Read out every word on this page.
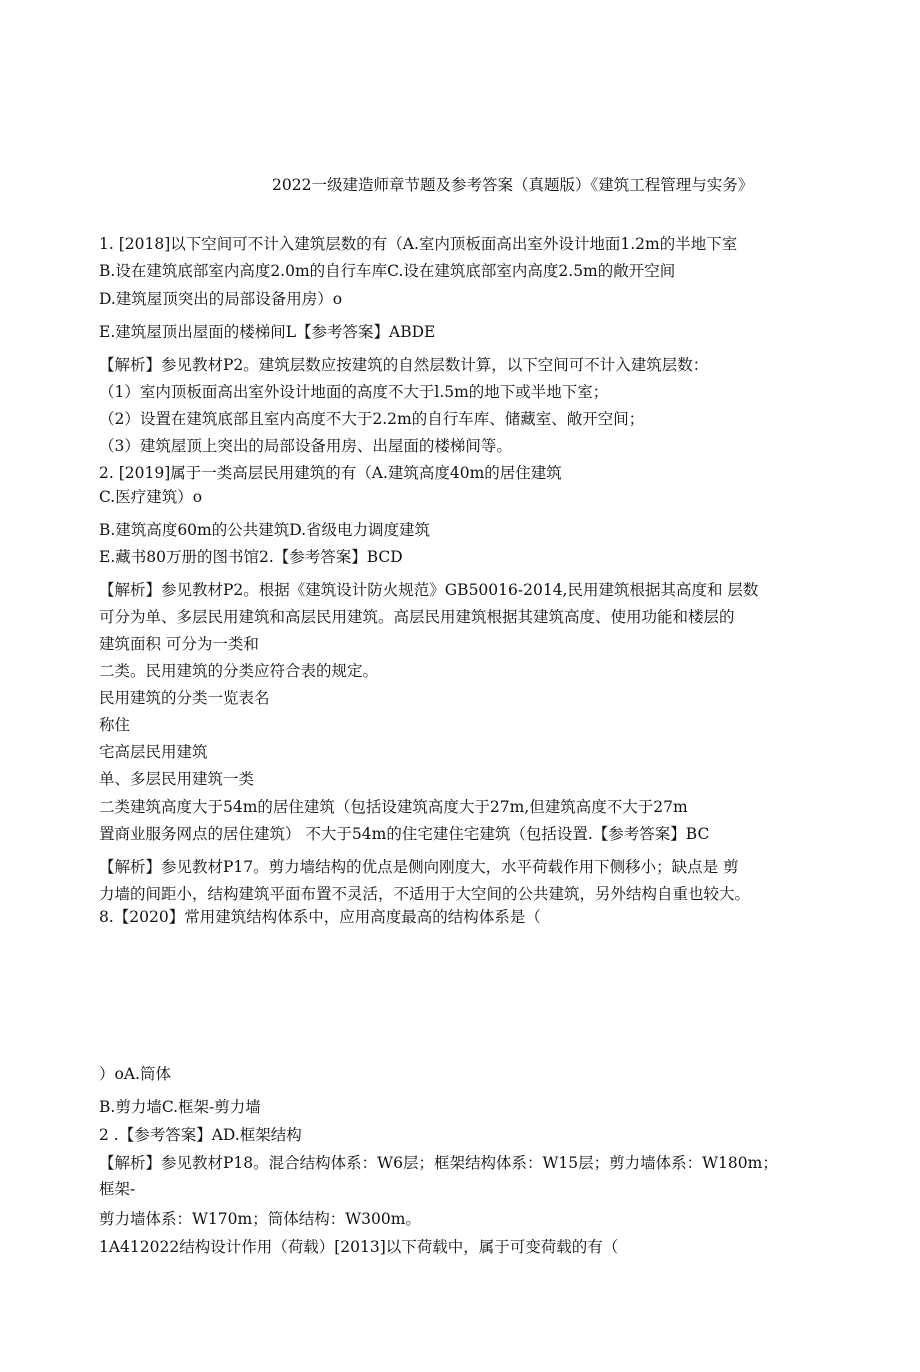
2022一级建造师章节题及参考答案（真题版）《建筑工程管理与实务》
1. [2018]以下空间可不计入建筑层数的有（A.室内顶板面高出室外设计地面1.2m的半地下室
B.设在建筑底部室内高度2.0m的自行车库C.设在建筑底部室内高度2.5m的敞开空间
D.建筑屋顶突出的局部设备用房）o
E.建筑屋顶出屋面的楼梯间L【参考答案】ABDE
【解析】参见教材P2。建筑层数应按建筑的自然层数计算，以下空间可不计入建筑层数：
（1）室内顶板面高出室外设计地面的高度不大于l.5m的地下或半地下室；
（2）设置在建筑底部且室内高度不大于2.2m的自行车库、储藏室、敞开空间；
（3）建筑屋顶上突出的局部设备用房、出屋面的楼梯间等。
2. [2019]属于一类高层民用建筑的有（A.建筑高度40m的居住建筑
C.医疗建筑）o
B.建筑高度60m的公共建筑D.省级电力调度建筑
E.藏书80万册的图书馆2.【参考答案】BCD
【解析】参见教材P2。根据《建筑设计防火规范》GB50016-2014,民用建筑根据其高度和 层数
可分为单、多层民用建筑和高层民用建筑。高层民用建筑根据其建筑高度、使用功能和楼层的
建筑面积 可分为一类和
二类。民用建筑的分类应符合表的规定。
民用建筑的分类一览表名
称住
宅高层民用建筑
单、多层民用建筑一类
二类建筑高度大于54m的居住建筑（包括设建筑高度大于27m,但建筑高度不大于27m
置商业服务网点的居住建筑） 不大于54m的住宅建住宅建筑（包括设置.【参考答案】BC
【解析】参见教材P17。剪力墙结构的优点是侧向刚度大，水平荷载作用下侧移小；缺点是 剪
力墙的间距小，结构建筑平面布置不灵活，不适用于大空间的公共建筑，另外结构自重也较大。
8.【2020】常用建筑结构体系中，应用高度最高的结构体系是（
）oA.筒体
B.剪力墙C.框架-剪力墙
2 .【参考答案】AD.框架结构
【解析】参见教材P18。混合结构体系：W6层；框架结构体系：W15层；剪力墙体系：W180m；
框架-
剪力墙体系：W170m；筒体结构：W300m。
1A412022结构设计作用（荷载）[2013]以下荷载中，属于可变荷载的有（
